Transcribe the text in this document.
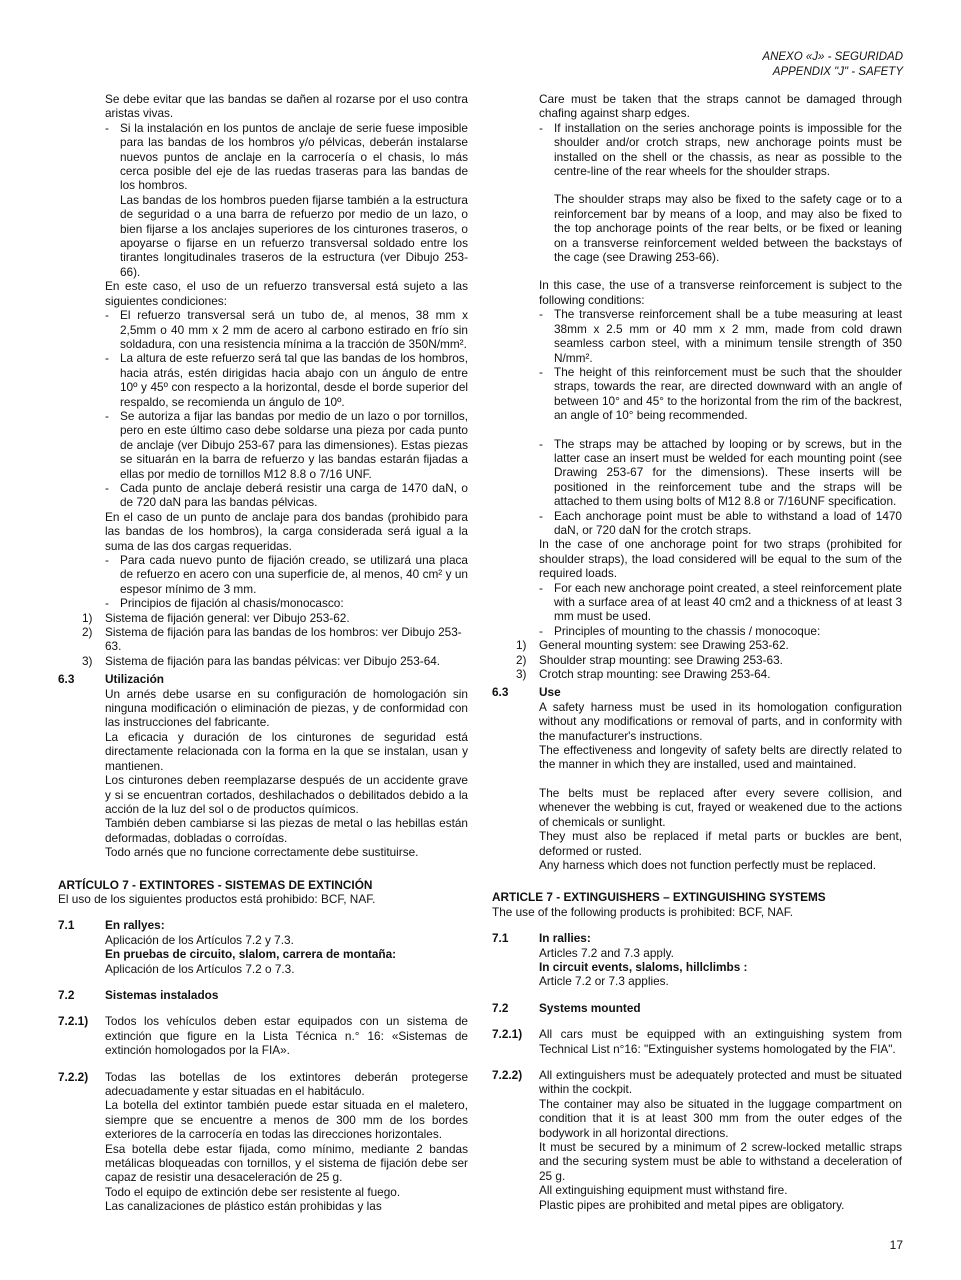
ANEXO «J» - SEGURIDAD
APPENDIX "J" - SAFETY

Se debe evitar que las bandas se dañen al rozarse por el uso contra aristas vivas.

- Si la instalación en los puntos de anclaje de serie fuese imposible para las bandas de los hombros y/o pélvicas, deberán instalarse nuevos puntos de anclaje en la carrocería o el chasis, lo más cerca posible del eje de las ruedas traseras para las bandas de los hombros.

Las bandas de los hombros pueden fijarse también a la estructura de seguridad o a una barra de refuerzo por medio de un lazo, o bien fijarse a los anclajes superiores de los cinturones traseros, o apoyarse o fijarse en un refuerzo transversal soldado entre los tirantes longitudinales traseros de la estructura (ver Dibujo 253-66).

En este caso, el uso de un refuerzo transversal está sujeto a las siguientes condiciones:

- El refuerzo transversal será un tubo de, al menos, 38 mm x 2,5mm o 40 mm x 2 mm de acero al carbono estirado en frío sin soldadura, con una resistencia mínima a la tracción de 350N/mm².

- La altura de este refuerzo será tal que las bandas de los hombros, hacia atrás, estén dirigidas hacia abajo con un ángulo de entre 10º y 45º con respecto a la horizontal, desde el borde superior del respaldo, se recomienda un ángulo de 10º.

- Se autoriza a fijar las bandas por medio de un lazo o por tornillos, pero en este último caso debe soldarse una pieza por cada punto de anclaje (ver Dibujo 253-67 para las dimensiones). Estas piezas se situarán en la barra de refuerzo y las bandas estarán fijadas a ellas por medio de tornillos M12 8.8 o 7/16 UNF.

- Cada punto de anclaje deberá resistir una carga de 1470 daN, o de 720 daN para las bandas pélvicas.

En el caso de un punto de anclaje para dos bandas (prohibido para las bandas de los hombros), la carga considerada será igual a la suma de las dos cargas requeridas.

- Para cada nuevo punto de fijación creado, se utilizará una placa de refuerzo en acero con una superficie de, al menos, 40 cm² y un espesor mínimo de 3 mm.

- Principios de fijación al chasis/monocasco:

1) Sistema de fijación general: ver Dibujo 253-62.

2) Sistema de fijación para las bandas de los hombros: ver Dibujo 253-63.

3) Sistema de fijación para las bandas pélvicas: ver Dibujo 253-64.

6.3	Utilización

Un arnés debe usarse en su configuración de homologación sin ninguna modificación o eliminación de piezas, y de conformidad con las instrucciones del fabricante.

La eficacia y duración de los cinturones de seguridad está directamente relacionada con la forma en la que se instalan, usan y mantienen.

Los cinturones deben reemplazarse después de un accidente grave y si se encuentran cortados, deshilachados o debilitados debido a la acción de la luz del sol o de productos químicos.

También deben cambiarse si las piezas de metal o las hebillas están deformadas, dobladas o corroídas.

Todo arnés que no funcione correctamente debe sustituirse.

ARTÍCULO 7 - EXTINTORES - SISTEMAS DE EXTINCIÓN

El uso de los siguientes productos está prohibido: BCF, NAF.

7.1	En rallyes:

Aplicación de los Artículos 7.2 y 7.3.

En pruebas de circuito, slalom, carrera de montaña:

Aplicación de los Artículos 7.2 o 7.3.

7.2	Sistemas instalados

7.2.1) Todos los vehículos deben estar equipados con un sistema de extinción que figure en la Lista Técnica n.° 16: «Sistemas de extinción homologados por la FIA».

7.2.2) Todas las botellas de los extintores deberán protegerse adecuadamente y estar situadas en el habitáculo.

La botella del extintor también puede estar situada en el maletero, siempre que se encuentre a menos de 300 mm de los bordes exteriores de la carrocería en todas las direcciones horizontales.

Esa botella debe estar fijada, como mínimo, mediante 2 bandas metálicas bloqueadas con tornillos, y el sistema de fijación debe ser capaz de resistir una desaceleración de 25 g.

Todo el equipo de extinción debe ser resistente al fuego.

Las canalizaciones de plástico están prohibidas y las

Care must be taken that the straps cannot be damaged through chafing against sharp edges.

- If installation on the series anchorage points is impossible for the shoulder and/or crotch straps, new anchorage points must be installed on the shell or the chassis, as near as possible to the centre-line of the rear wheels for the shoulder straps.

The shoulder straps may also be fixed to the safety cage or to a reinforcement bar by means of a loop, and may also be fixed to the top anchorage points of the rear belts, or be fixed or leaning on a transverse reinforcement welded between the backstays of the cage (see Drawing 253-66).

In this case, the use of a transverse reinforcement is subject to the following conditions:

- The transverse reinforcement shall be a tube measuring at least 38mm x 2.5 mm or 40 mm x 2 mm, made from cold drawn seamless carbon steel, with a minimum tensile strength of 350 N/mm².

- The height of this reinforcement must be such that the shoulder straps, towards the rear, are directed downward with an angle of between 10° and 45° to the horizontal from the rim of the backrest, an angle of 10° being recommended.

- The straps may be attached by looping or by screws, but in the latter case an insert must be welded for each mounting point (see Drawing 253-67 for the dimensions). These inserts will be positioned in the reinforcement tube and the straps will be attached to them using bolts of M12 8.8 or 7/16UNF specification.

- Each anchorage point must be able to withstand a load of 1470 daN, or 720 daN for the crotch straps.

In the case of one anchorage point for two straps (prohibited for shoulder straps), the load considered will be equal to the sum of the required loads.

- For each new anchorage point created, a steel reinforcement plate with a surface area of at least 40 cm2 and a thickness of at least 3 mm must be used.

- Principles of mounting to the chassis / monocoque:

1) General mounting system: see Drawing 253-62.

2) Shoulder strap mounting: see Drawing 253-63.

3) Crotch strap mounting: see Drawing 253-64.

6.3	Use

A safety harness must be used in its homologation configuration without any modifications or removal of parts, and in conformity with the manufacturer's instructions.

The effectiveness and longevity of safety belts are directly related to the manner in which they are installed, used and maintained.

The belts must be replaced after every severe collision, and whenever the webbing is cut, frayed or weakened due to the actions of chemicals or sunlight.

They must also be replaced if metal parts or buckles are bent, deformed or rusted.

Any harness which does not function perfectly must be replaced.

ARTICLE 7 - EXTINGUISHERS – EXTINGUISHING SYSTEMS

The use of the following products is prohibited: BCF, NAF.

7.1	In rallies:

Articles 7.2 and 7.3 apply.

In circuit events, slaloms, hillclimbs :

Article 7.2 or 7.3 applies.

7.2	Systems mounted

7.2.1) All cars must be equipped with an extinguishing system from Technical List n°16: "Extinguisher systems homologated by the FIA".

7.2.2) All extinguishers must be adequately protected and must be situated within the cockpit.

The container may also be situated in the luggage compartment on condition that it is at least 300 mm from the outer edges of the bodywork in all horizontal directions.

It must be secured by a minimum of 2 screw-locked metallic straps and the securing system must be able to withstand a deceleration of 25 g.

All extinguishing equipment must withstand fire.

Plastic pipes are prohibited and metal pipes are obligatory.

17
